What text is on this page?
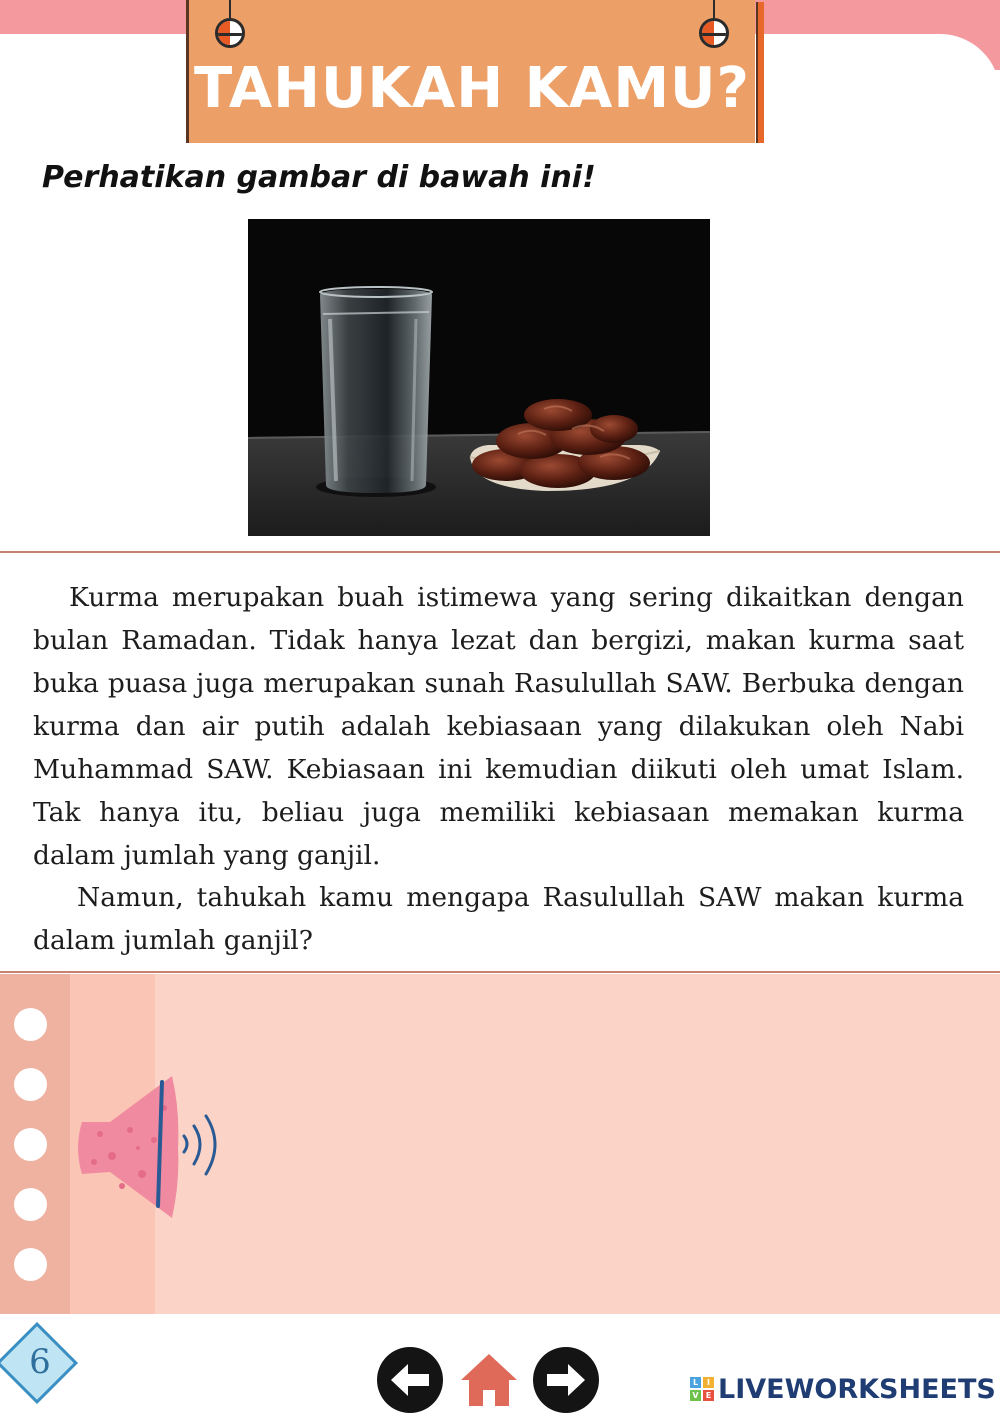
TAHUKAH KAMU?
Perhatikan gambar di bawah ini!

Kurma merupakan buah istimewa yang sering dikaitkan dengan bulan Ramadan. Tidak hanya lezat dan bergizi, makan kurma saat buka puasa juga merupakan sunah Rasulullah SAW. Berbuka dengan kurma dan air putih adalah kebiasaan yang dilakukan oleh Nabi Muhammad SAW. Kebiasaan ini kemudian diikuti oleh umat Islam. Tak hanya itu, beliau juga memiliki kebiasaan memakan kurma dalam jumlah yang ganjil.

Namun, tahukah kamu mengapa Rasulullah SAW makan kurma dalam jumlah ganjil?

6
L	I
V E LIVEWORKSHEETS
